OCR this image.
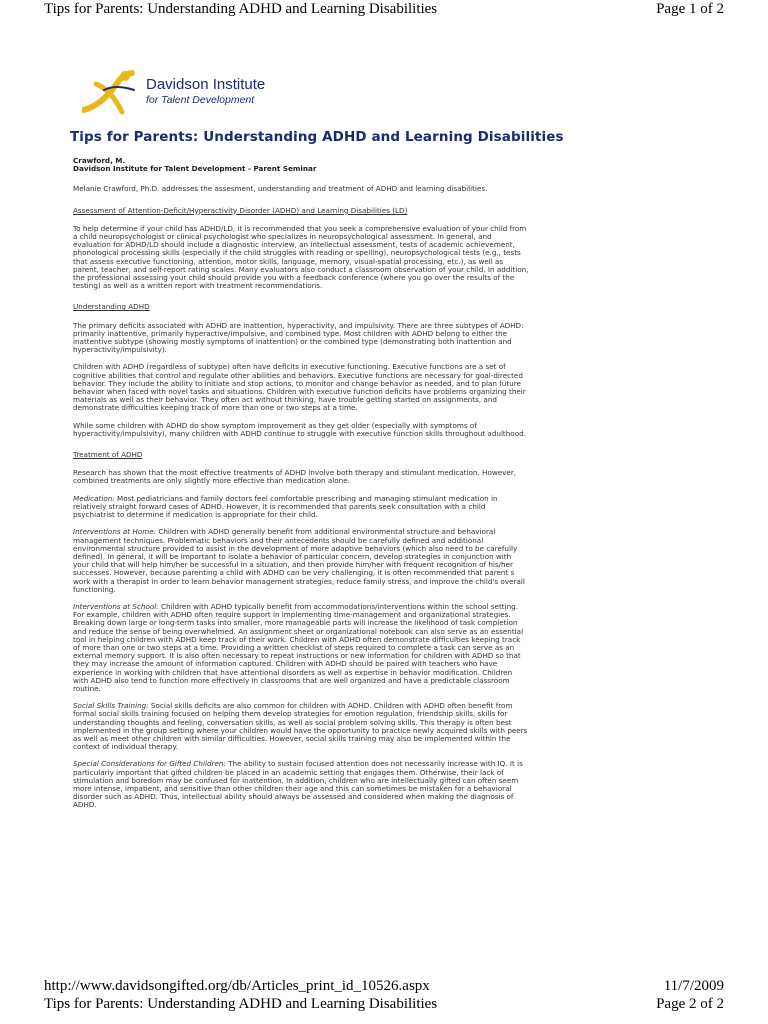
Tips for Parents: Understanding ADHD and Learning Disabilities	Page 1 of 2
Davidson Institute
for Talent Development
Tips for Parents: Understanding ADHD and Learning Disabilities
Crawford, M.
Davidson Institute for Talent Development - Parent Seminar
Melanie Crawford, Ph.D. addresses the assesment, understanding and treatment of ADHD and learning disabilities.
Assessment of Attention-Deficit/Hyperactivity Disorder (ADHD) and Learning Disabilities (LD)

To help determine if your child has ADHD/LD, it is recommended that you seek a comprehensive evaluation of your child from a child neuropsychologist or clinical psychologist who specializes in neuropsychological assessment. In general, and evaluation for ADHD/LD should include a diagnostic interview, an intellectual assessment, tests of academic achievement, phonological processing skills (especially if the child struggles with reading or spelling), neuropsychological tests (e.g., tests that assess executive functioning, attention, motor skills, language, memory, visual-spatial processing, etc.), as well as parent, teacher, and self-report rating scales. Many evaluators also conduct a classroom observation of your child. In addition, the professional assessing your child should provide you with a feedback conference (where you go over the results of the testing) as well as a written report with treatment recommendations.

Understanding ADHD

The primary deficits associated with ADHD are inattention, hyperactivity, and impulsivity. There are three subtypes of ADHD: primarily inattentive, primarily hyperactive/impulsive, and combined type. Most children with ADHD belong to either the inattentive subtype (showing mostly symptoms of inattention) or the combined type (demonstrating both inattention and hyperactivity/impulsivity).

Children with ADHD (regardless of subtype) often have deficits in executive functioning. Executive functions are a set of cognitive abilities that control and regulate other abilities and behaviors. Executive functions are necessary for goal-directed behavior. They include the ability to initiate and stop actions, to monitor and change behavior as needed, and to plan future behavior when faced with novel tasks and situations. Children with executive function deficits have problems organizing their materials as well as their behavior. They often act without thinking, have trouble getting started on assignments, and demonstrate difficulties keeping track of more than one or two steps at a time.

While some children with ADHD do show symptom improvement as they get older (especially with symptoms of hyperactivity/impulsivity), many children with ADHD continue to struggle with executive function skills throughout adulthood.

Treatment of ADHD

Research has shown that the most effective treatments of ADHD involve both therapy and stimulant medication. However, combined treatments are only slightly more effective than medication alone.

Medication: Most pediatricians and family doctors feel comfortable prescribing and managing stimulant medication in relatively straight forward cases of ADHD. However, it is recommended that parents seek consultation with a child psychiatrist to determine if medication is appropriate for their child.

Interventions at Home: Children with ADHD generally benefit from additional environmental structure and behavioral management techniques. Problematic behaviors and their antecedents should be carefully defined and additional environmental structure provided to assist in the development of more adaptive behaviors (which also need to be carefully defined). In general, it will be important to isolate a behavior of particular concern, develop strategies in conjunction with your child that will help him/her be successful in a situation, and then provide him/her with frequent recognition of his/her successes. However, because parenting a child with ADHD can be very challenging, it is often recommended that parent s work with a therapist in order to learn behavior management strategies, reduce family stress, and improve the child's overall functioning.

Interventions at School: Children with ADHD typically benefit from accommodations/interventions within the school setting. For example, children with ADHD often require support in implementing time-management and organizational strategies. Breaking down large or long-term tasks into smaller, more manageable parts will increase the likelihood of task completion and reduce the sense of being overwhelmed. An assignment sheet or organizational notebook can also serve as an essential tool in helping children with ADHD keep track of their work. Children with ADHD often demonstrate difficulties keeping track of more than one or two steps at a time. Providing a written checklist of steps required to complete a task can serve as an external memory support. It is also often necessary to repeat instructions or new information for children with ADHD so that they may increase the amount of information captured. Children with ADHD should be paired with teachers who have experience in working with children that have attentional disorders as well as expertise in behavior modification. Children with ADHD also tend to function more effectively in classrooms that are well organized and have a predictable classroom routine.

Social Skills Training: Social skills deficits are also common for children with ADHD. Children with ADHD often benefit from formal social skills training focused on helping them develop strategies for emotion regulation, friendship skills, skills for understanding thoughts and feeling, conversation skills, as well as social problem solving skills. This therapy is often best implemented in the group setting where your children would have the opportunity to practice newly acquired skills with peers as well as meet other children with similar difficulties. However, social skills training may also be implemented within the context of individual therapy.

Special Considerations for Gifted Children: The ability to sustain focused attention does not necessarily increase with IQ. It is particularly important that gifted children be placed in an academic setting that engages them. Otherwise, their lack of stimulation and boredom may be confused for inattention. In addition, children who are intellectually gifted can often seem more intense, impatient, and sensitive than other children their age and this can sometimes be mistaken for a behavioral disorder such as ADHD. Thus, intellectual ability should always be assessed and considered when making the diagnosis of ADHD.

http://www.davidsongifted.org/db/Articles_print_id_10526.aspx	11/7/2009
Tips for Parents: Understanding ADHD and Learning Disabilities	Page 2 of 2
